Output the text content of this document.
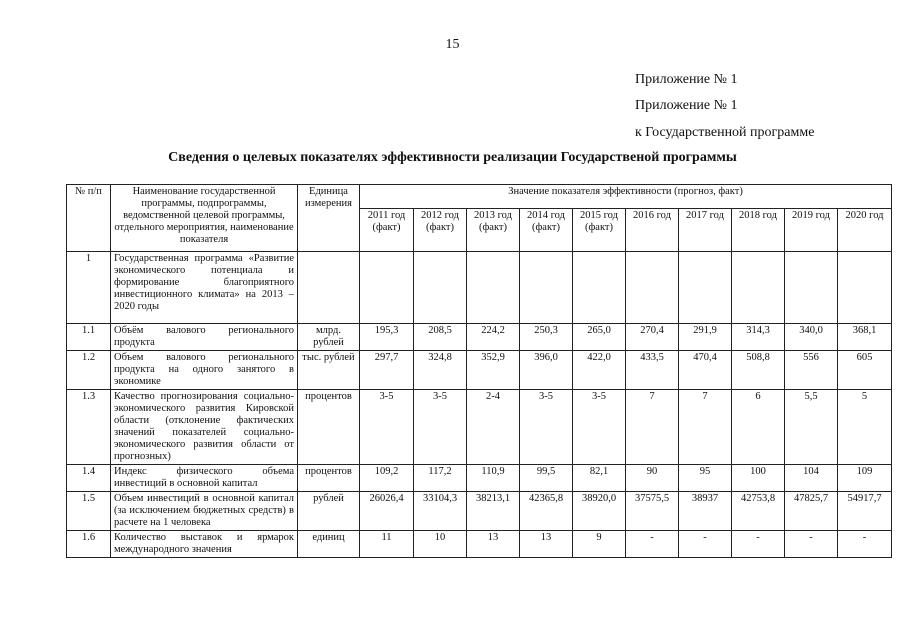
15
Приложение № 1
Приложение № 1
к Государственной программе
Сведения о целевых показателях эффективности реализации Государственой программы
№ п/п	Наименование государственной программы, подпрограммы, ведомственной целевой программы, отдельного мероприятия, наименование показателя	Единица измерения	Значение показателя эффективности (прогноз, факт)									
			2011 год (факт)	2012 год (факт)	2013 год (факт)	2014 год (факт)	2015 год (факт)	2016 год	2017 год	2018 год	2019 год	2020 год
1	Государственная программа «Развитие экономического потенциала и формирование благоприятного инвестиционного климата» на 2013 – 2020 годы											
1.1	Объём валового регионального продукта	млрд. рублей	195,3	208,5	224,2	250,3	265,0	270,4	291,9	314,3	340,0	368,1
1.2	Объем валового регионального продукта на одного занятого в экономике	тыс. рублей	297,7	324,8	352,9	396,0	422,0	433,5	470,4	508,8	556	605
1.3	Качество прогнозирования социально-экономического развития Кировской области (отклонение фактических значений показателей социально-экономического развития области от прогнозных)	процентов	3-5	3-5	2-4	3-5	3-5	7	7	6	5,5	5
1.4	Индекс физического объема инвестиций в основной капитал	процентов	109,2	117,2	110,9	99,5	82,1	90	95	100	104	109
1.5	Объем инвестиций в основной капитал (за исключением бюджетных средств) в расчете на 1 человека	рублей	26026,4	33104,3	38213,1	42365,8	38920,0	37575,5	38937	42753,8	47825,7	54917,7
1.6	Количество выставок и ярмарок международного значения	единиц	11	10	13	13	9	-	-	-	-	-
